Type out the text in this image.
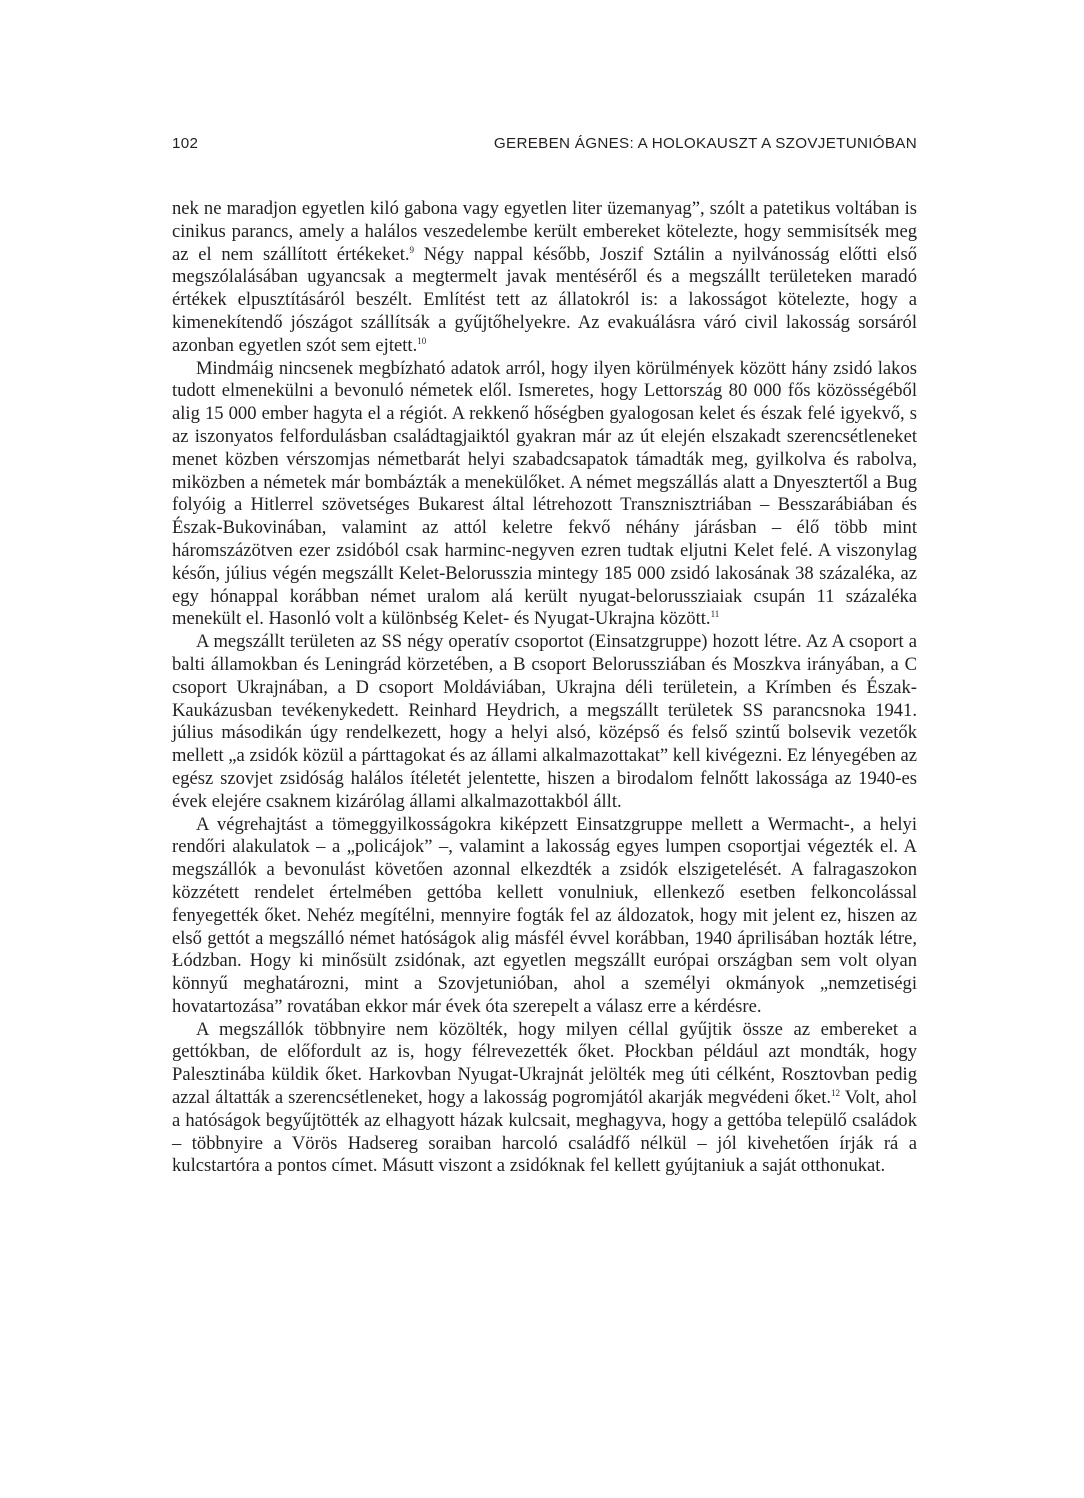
102	GEREBEN ÁGNES: A HOLOKAUSZT A SZOVJETUNIÓBAN

nek ne maradjon egyetlen kiló gabona vagy egyetlen liter üzemanyag”, szólt a patetikus voltában is cinikus parancs, amely a halálos veszedelembe került embereket kötelezte, hogy semmisítsék meg az el nem szállított értékeket.$^9$ Négy nappal később, Joszif Sztálin a nyilvánosság előtti első megszólalásában ugyancsak a megtermelt javak mentéséről és a megszállt területeken maradó értékek elpusztításáról beszélt. Említést tett az állatokról is: a lakosságot kötelezte, hogy a kimenekítendő jószágot szállítsák a gyűjtőhelyekre. Az evakuálásra váró civil lakosság sorsáról azonban egyetlen szót sem ejtett.$^{10}$

Mindmáig nincsenek megbízható adatok arról, hogy ilyen körülmények között hány zsidó lakos tudott elmenekülni a bevonuló németek elől. Ismeretes, hogy Lettország 80 000 fős közösségéből alig 15 000 ember hagyta el a régiót. A rekkenő hőségben gyalogosan kelet és észak felé igyekvő, s az iszonyatos felfordulásban családtagjaiktól gyakran már az út elején elszakadt szerencsétleneket menet közben vérszomjas németbarát helyi szabadcsapatok támadták meg, gyilkolva és rabolva, miközben a németek már bombázták a menekülőket. A német megszállás alatt a Dnyesztertől a Bug folyóig a Hitlerrel szövetséges Bukarest által létrehozott Transznisztriában – Besszarábiában és Észak-Bukovinában, valamint az attól keletre fekvő néhány járásban – élő több mint háromszázötven ezer zsidóból csak harminc-negyven ezren tudtak eljutni Kelet felé. A viszonylag későn, július végén megszállt Kelet-Belorusszia mintegy 185 000 zsidó lakosának 38 százaléka, az egy hónappal korábban német uralom alá került nyugat-belorussziaiak csupán 11 százaléka menekült el. Hasonló volt a különbség Kelet- és Nyugat-Ukrajna között.$^{11}$

A megszállt területen az SS négy operatív csoportot (Einsatzgruppe) hozott létre. Az A csoport a balti államokban és Leningrád körzetében, a B csoport Belorussziában és Moszkva irányában, a C csoport Ukrajnában, a D csoport Moldáviában, Ukrajna déli területein, a Krímben és Észak-Kaukázusban tevékenykedett. Reinhard Heydrich, a megszállt területek SS parancsnoka 1941. július másodikán úgy rendelkezett, hogy a helyi alsó, középső és felső szintű bolsevik vezetők mellett „a zsidók közül a párttagokat és az állami alkalmazottakat” kell kivégezni. Ez lényegében az egész szovjet zsidóság halálos ítéletét jelentette, hiszen a birodalom felnőtt lakossága az 1940-es évek elejére csaknem kizárólag állami alkalmazottakból állt.

A végrehajtást a tömeggyilkosságokra kiképzett Einsatzgruppe mellett a Wermacht-, a helyi rendőri alakulatok – a „policájok” –, valamint a lakosság egyes lumpen csoportjai végezték el. A megszállók a bevonulást követően azonnal elkezdték a zsidók elszigetelését. A falragaszokon közzétett rendelet értelmében gettóba kellett vonulniuk, ellenkező esetben felkoncolással fenyegették őket. Nehéz megítélni, mennyire fogták fel az áldozatok, hogy mit jelent ez, hiszen az első gettót a megszálló német hatóságok alig másfél évvel korábban, 1940 áprilisában hozták létre, Łódzban. Hogy ki minősült zsidónak, azt egyetlen megszállt európai országban sem volt olyan könnyű meghatározni, mint a Szovjetunióban, ahol a személyi okmányok „nemzetiségi hovatartozása” rovatában ekkor már évek óta szerepelt a válasz erre a kérdésre.

A megszállók többnyire nem közölték, hogy milyen céllal gyűjtik össze az embereket a gettókban, de előfordult az is, hogy félrevezették őket. Płockban például azt mondták, hogy Palesztinába küldik őket. Harkovban Nyugat-Ukrajnát jelölték meg úti célként, Rosztovban pedig azzal áltatták a szerencsétleneket, hogy a lakosság pogromjától akarják megvédeni őket.$^{12}$ Volt, ahol a hatóságok begyűjtötték az elhagyott házak kulcsait, meghagyva, hogy a gettóba települő családok – többnyire a Vörös Hadsereg soraiban harcoló családfő nélkül – jól kivehetően írják rá a kulcstartóra a pontos címet. Másutt viszont a zsidóknak fel kellett gyújtaniuk a saját otthonukat.
